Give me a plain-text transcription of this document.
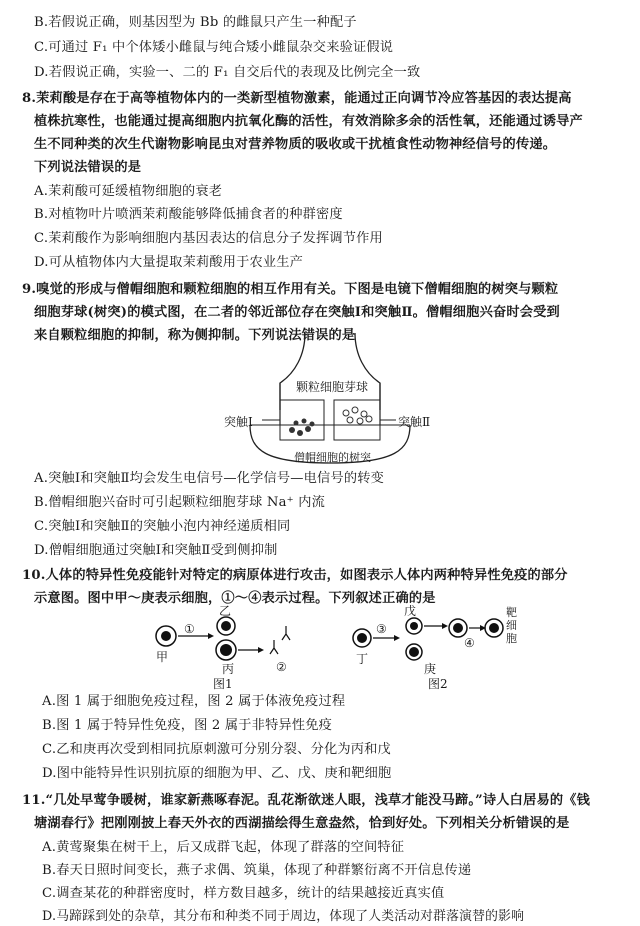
B.若假说正确，则基因型为 Bb 的雌鼠只产生一种配子
C.可通过 F₁ 中个体矮小雌鼠与纯合矮小雌鼠杂交来验证假说
D.若假说正确，实验一、二的 F₁ 自交后代的表现及比例完全一致
8.茉莉酸是存在于高等植物体内的一类新型植物激素，能通过正向调节冷应答基因的表达提高
植株抗寒性，也能通过提高细胞内抗氧化酶的活性，有效消除多余的活性氧，还能通过诱导产
生不同种类的次生代谢物影响昆虫对营养物质的吸收或干扰植食性动物神经信号的传递。
下列说法错误的是
A.茉莉酸可延缓植物细胞的衰老
B.对植物叶片喷洒茉莉酸能够降低捕食者的种群密度
C.茉莉酸作为影响细胞内基因表达的信息分子发挥调节作用
D.可从植物体内大量提取茉莉酸用于农业生产
9.嗅觉的形成与僧帽细胞和颗粒细胞的相互作用有关。下图是电镜下僧帽细胞的树突与颗粒
细胞芽球(树突)的模式图，在二者的邻近部位存在突触Ⅰ和突触Ⅱ。僧帽细胞兴奋时会受到
来自颗粒细胞的抑制，称为侧抑制。下列说法错误的是
颗粒细胞芽球
突触Ⅰ	突触Ⅱ
僧帽细胞的树突
A.突触Ⅰ和突触Ⅱ均会发生电信号—化学信号—电信号的转变
B.僧帽细胞兴奋时可引起颗粒细胞芽球 Na⁺ 内流
C.突触Ⅰ和突触Ⅱ的突触小泡内神经递质相同
D.僧帽细胞通过突触Ⅰ和突触Ⅱ受到侧抑制
10.人体的特异性免疫能针对特定的病原体进行攻击，如图表示人体内两种特异性免疫的部分
示意图。图中甲～庚表示细胞，①～④表示过程。下列叙述正确的是
甲
乙
丙
①
②
图1
丁
戊
庚
③
④
靶细胞
图2
A.图 1 属于细胞免疫过程，图 2 属于体液免疫过程
B.图 1 属于特异性免疫，图 2 属于非特异性免疫
C.乙和庚再次受到相同抗原刺激可分别分裂、分化为丙和戊
D.图中能特异性识别抗原的细胞为甲、乙、戊、庚和靶细胞
11.“几处早莺争暖树，谁家新燕啄春泥。乱花渐欲迷人眼，浅草才能没马蹄。”诗人白居易的《钱
塘湖春行》把刚刚披上春天外衣的西湖描绘得生意盎然，恰到好处。下列相关分析错误的是
A.黄莺聚集在树干上，后又成群飞起，体现了群落的空间特征
B.春天日照时间变长，燕子求偶、筑巢，体现了种群繁衍离不开信息传递
C.调查某花的种群密度时，样方数目越多，统计的结果越接近真实值
D.马蹄踩到处的杂草，其分布和种类不同于周边，体现了人类活动对群落演替的影响
